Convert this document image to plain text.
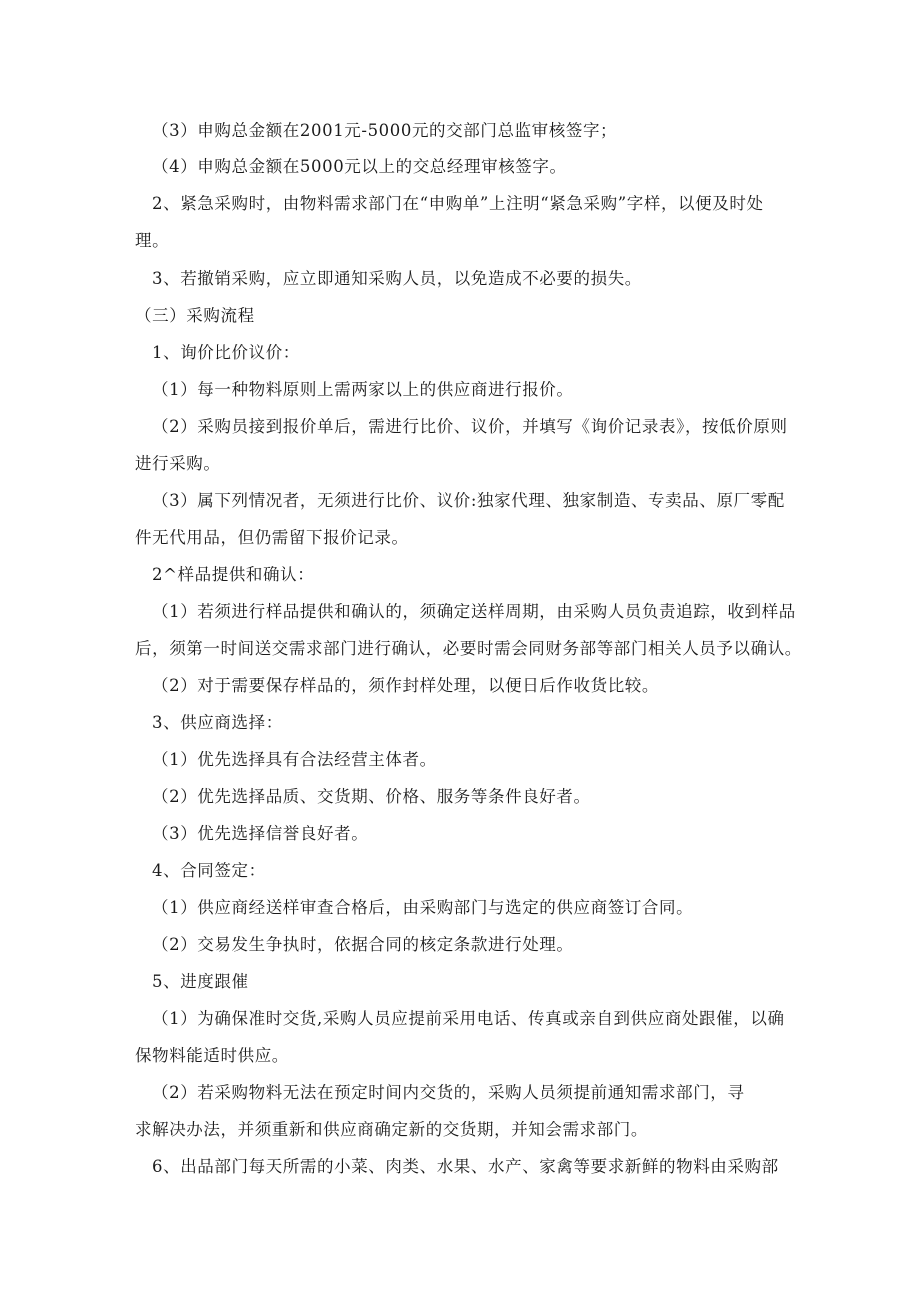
（3）申购总金额在2001元-5000元的交部门总监审核签字；
（4）申购总金额在5000元以上的交总经理审核签字。
2、紧急采购时，由物料需求部门在“申购单”上注明“紧急采购”字样，以便及时处
理。
3、若撤销采购，应立即通知采购人员，以免造成不必要的损失。
（三）采购流程
1、询价比价议价：
（1）每一种物料原则上需两家以上的供应商进行报价。
（2）采购员接到报价单后，需进行比价、议价，并填写《询价记录表》，按低价原则
进行采购。
（3）属下列情况者，无须进行比价、议价:独家代理、独家制造、专卖品、原厂零配
件无代用品，但仍需留下报价记录。
2^样品提供和确认：
（1）若须进行样品提供和确认的，须确定送样周期，由采购人员负责追踪，收到样品
后，须第一时间送交需求部门进行确认，必要时需会同财务部等部门相关人员予以确认。
（2）对于需要保存样品的，须作封样处理，以便日后作收货比较。
3、供应商选择：
（1）优先选择具有合法经营主体者。
（2）优先选择品质、交货期、价格、服务等条件良好者。
（3）优先选择信誉良好者。
4、合同签定：
（1）供应商经送样审查合格后，由采购部门与选定的供应商签订合同。
（2）交易发生争执时，依据合同的核定条款进行处理。
5、进度跟催
（1）为确保准时交货,采购人员应提前采用电话、传真或亲自到供应商处跟催，以确
保物料能适时供应。
（2）若采购物料无法在预定时间内交货的，采购人员须提前通知需求部门，寻
求解决办法，并须重新和供应商确定新的交货期，并知会需求部门。
6、出品部门每天所需的小菜、肉类、水果、水产、家禽等要求新鲜的物料由采购部
